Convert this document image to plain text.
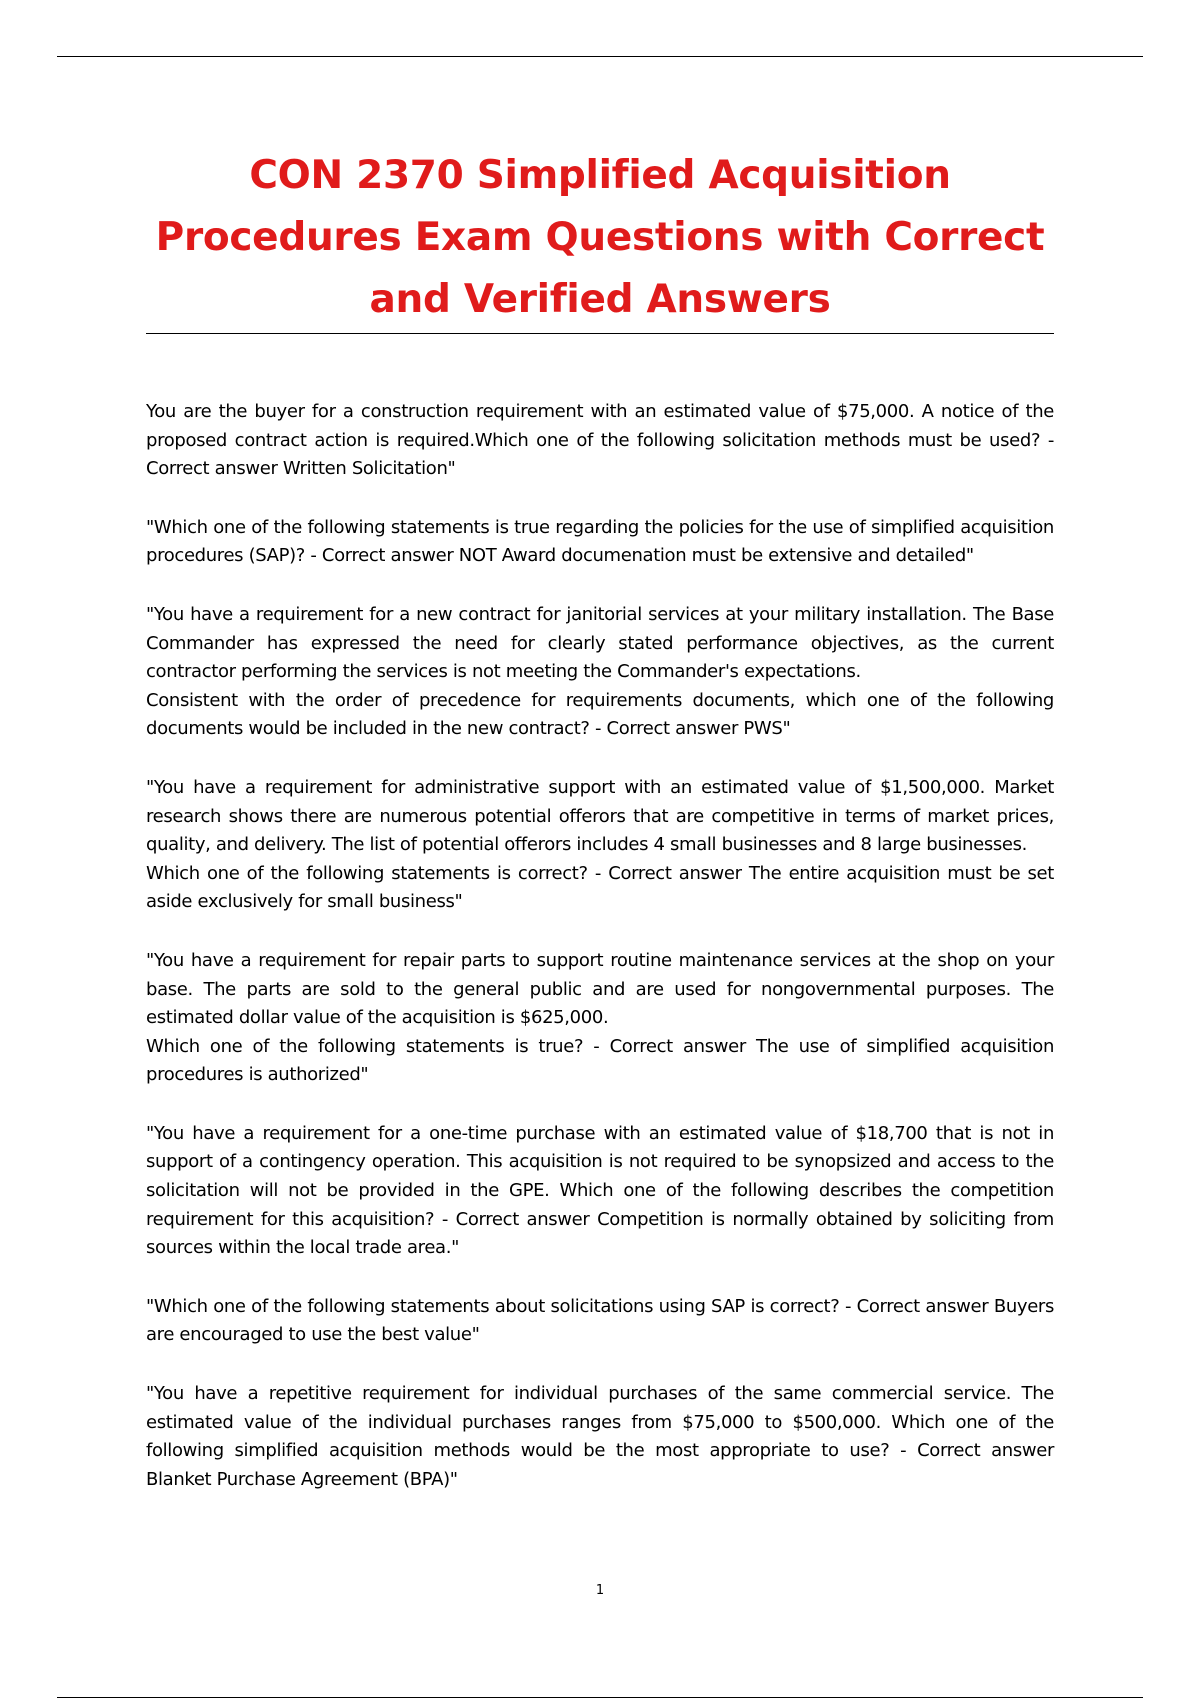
CON 2370 Simplified Acquisition Procedures Exam Questions with Correct and Verified Answers

You are the buyer for a construction requirement with an estimated value of $75,000. A notice of the proposed contract action is required.Which one of the following solicitation methods must be used? - Correct answer Written Solicitation"

"Which one of the following statements is true regarding the policies for the use of simplified acquisition procedures (SAP)? - Correct answer NOT Award documenation must be extensive and detailed"

"You have a requirement for a new contract for janitorial services at your military installation. The Base Commander has expressed the need for clearly stated performance objectives, as the current contractor performing the services is not meeting the Commander's expectations.
Consistent with the order of precedence for requirements documents, which one of the following documents would be included in the new contract? - Correct answer PWS"

"You have a requirement for administrative support with an estimated value of $1,500,000. Market research shows there are numerous potential offerors that are competitive in terms of market prices, quality, and delivery. The list of potential offerors includes 4 small businesses and 8 large businesses.
Which one of the following statements is correct? - Correct answer The entire acquisition must be set aside exclusively for small business"

"You have a requirement for repair parts to support routine maintenance services at the shop on your base. The parts are sold to the general public and are used for nongovernmental purposes. The estimated dollar value of the acquisition is $625,000.
Which one of the following statements is true? - Correct answer The use of simplified acquisition procedures is authorized"

"You have a requirement for a one-time purchase with an estimated value of $18,700 that is not in support of a contingency operation. This acquisition is not required to be synopsized and access to the solicitation will not be provided in the GPE. Which one of the following describes the competition requirement for this acquisition? - Correct answer Competition is normally obtained by soliciting from sources within the local trade area."

"Which one of the following statements about solicitations using SAP is correct? - Correct answer Buyers are encouraged to use the best value"

"You have a repetitive requirement for individual purchases of the same commercial service. The estimated value of the individual purchases ranges from $75,000 to $500,000. Which one of the following simplified acquisition methods would be the most appropriate to use? - Correct answer Blanket Purchase Agreement (BPA)"

1
